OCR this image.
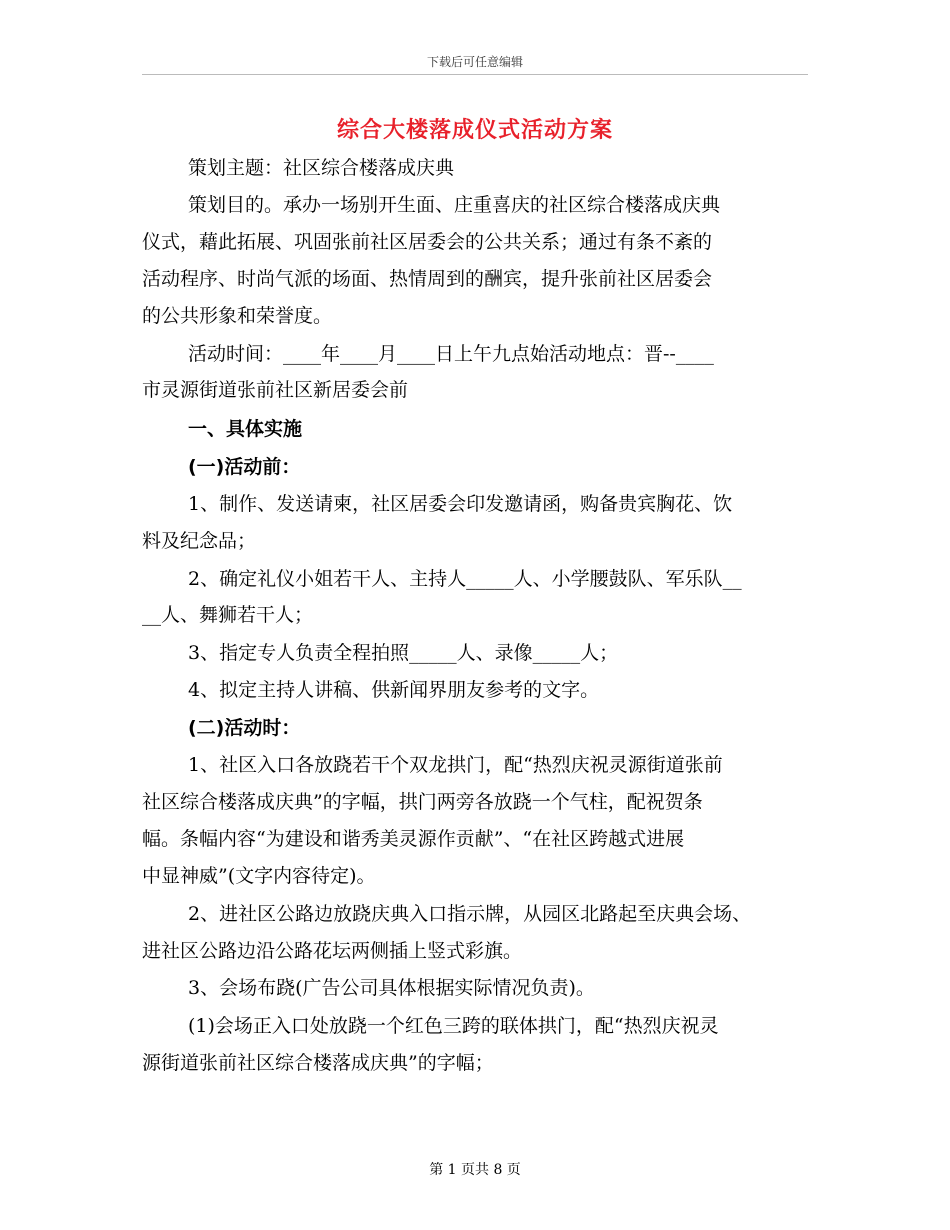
下载后可任意编辑
综合大楼落成仪式活动方案
策划主题：社区综合楼落成庆典
策划目的。承办一场别开生面、庄重喜庆的社区综合楼落成庆典
仪式，藉此拓展、巩固张前社区居委会的公共关系；通过有条不紊的
活动程序、时尚气派的场面、热情周到的酬宾，提升张前社区居委会
的公共形象和荣誉度。
活动时间：____年____月____日上午九点始活动地点：晋--____
市灵源街道张前社区新居委会前
一、具体实施
(一)活动前：
1、制作、发送请柬，社区居委会印发邀请函，购备贵宾胸花、饮
料及纪念品；
2、确定礼仪小姐若干人、主持人_____人、小学腰鼓队、军乐队__
__人、舞狮若干人；
3、指定专人负责全程拍照_____人、录像_____人；
4、拟定主持人讲稿、供新闻界朋友参考的文字。
(二)活动时：
1、社区入口各放跷若干个双龙拱门，配“热烈庆祝灵源街道张前
社区综合楼落成庆典”的字幅，拱门两旁各放跷一个气柱，配祝贺条
幅。条幅内容“为建设和谐秀美灵源作贡献”、“在社区跨越式进展
中显神威”(文字内容待定)。
2、进社区公路边放跷庆典入口指示牌，从园区北路起至庆典会场、
进社区公路边沿公路花坛两侧插上竖式彩旗。
3、会场布跷(广告公司具体根据实际情况负责)。
(1)会场正入口处放跷一个红色三跨的联体拱门，配“热烈庆祝灵
源街道张前社区综合楼落成庆典”的字幅；
第 1 页共 8 页
